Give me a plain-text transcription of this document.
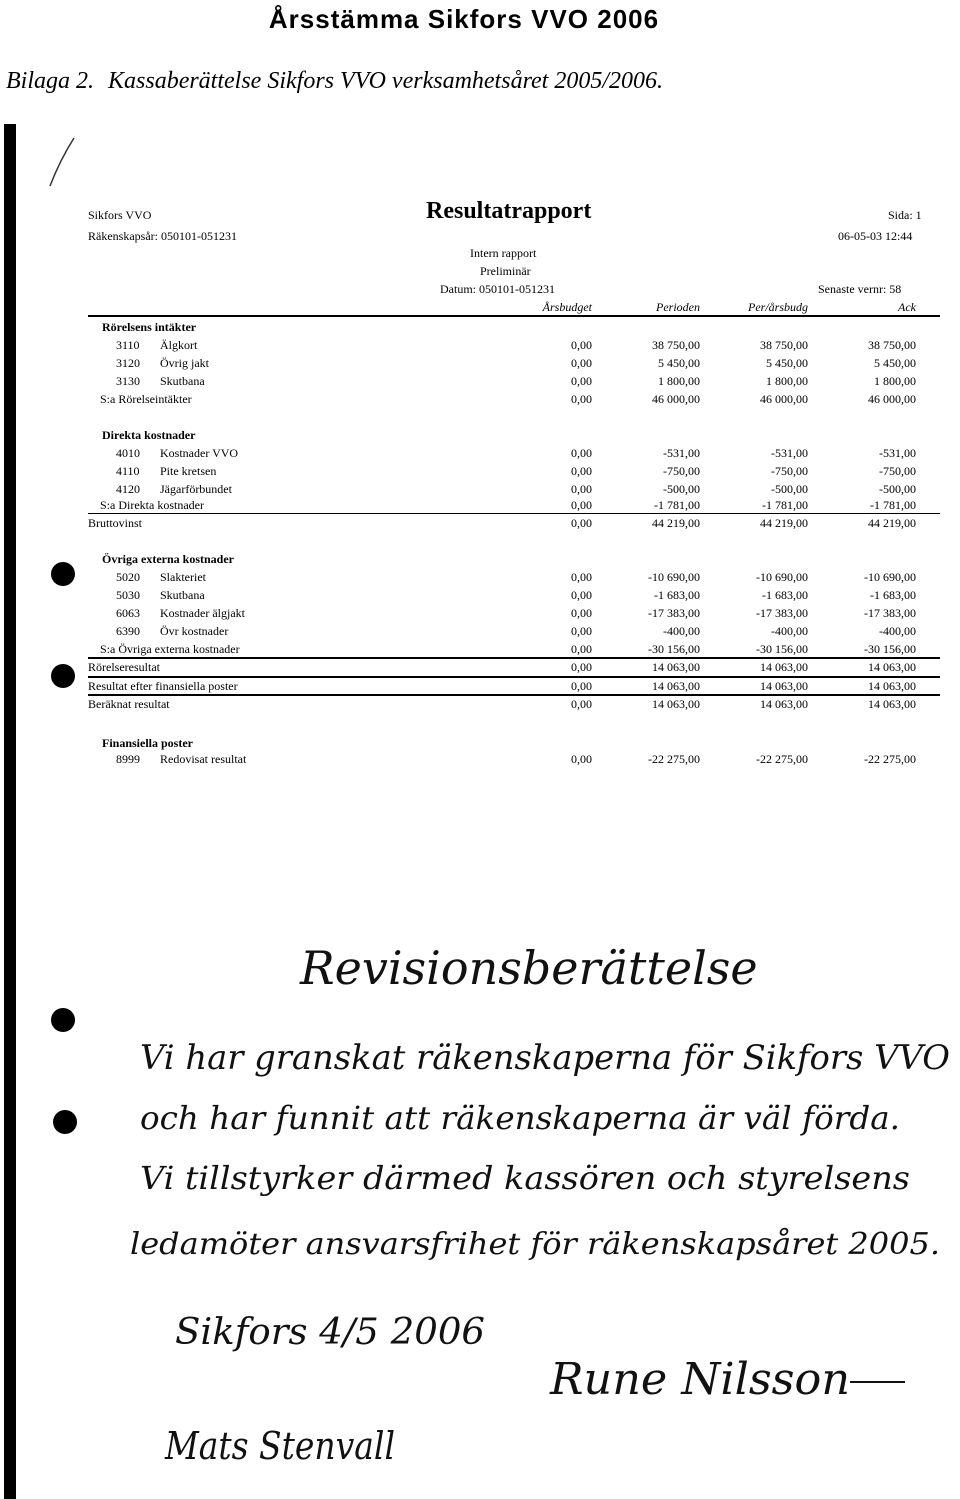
Årsstämma Sikfors VVO 2006
Bilaga 2. Kassaberättelse Sikfors VVO verksamhetsåret 2005/2006.
Sikfors VVO
Räkenskapsår: 050101-051231
Resultatrapport	Sida: 1
06-05-03 12:44
Intern rapport
Preliminär
Datum: 050101-051231	Senaste vernr: 58
Årsbudget	Perioden	Per/årsbudg	Ack
Rörelsens intäkter
3110 Älgkort	0,00	38 750,00	38 750,00	38 750,00
3120 Övrig jakt	0,00	5 450,00	5 450,00	5 450,00
3130 Skutbana	0,00	1 800,00	1 800,00	1 800,00
S:a Rörelseintäkter	0,00	46 000,00	46 000,00	46 000,00
Direkta kostnader
4010 Kostnader VVO	0,00	-531,00	-531,00	-531,00
4110 Pite kretsen	0,00	-750,00	-750,00	-750,00
4120 Jägarförbundet	0,00	-500,00	-500,00	-500,00
S:a Direkta kostnader	0,00	-1 781,00	-1 781,00	-1 781,00
Bruttovinst	0,00	44 219,00	44 219,00	44 219,00
Övriga externa kostnader
5020 Slakteriet	0,00	-10 690,00	-10 690,00	-10 690,00
5030 Skutbana	0,00	-1 683,00	-1 683,00	-1 683,00
6063 Kostnader älgjakt	0,00	-17 383,00	-17 383,00	-17 383,00
6390 Övr kostnader	0,00	-400,00	-400,00	-400,00
S:a Övriga externa kostnader	0,00	-30 156,00	-30 156,00	-30 156,00
Rörelseresultat	0,00	14 063,00	14 063,00	14 063,00
Resultat efter finansiella poster	0,00	14 063,00	14 063,00	14 063,00
Beräknat resultat	0,00	14 063,00	14 063,00	14 063,00
Finansiella poster
8999 Redovisat resultat	0,00	-22 275,00	-22 275,00	-22 275,00
Revisionsberättelse
Vi har granskat räkenskaperna för Sikfors VVO
och har funnit att räkenskaperna är väl förda.
Vi tillstyrker därmed kassören och styrelsens
ledamöter ansvarsfrihet för räkenskapsåret 2005.
Sikfors 4/5 2006
Rune Nilsson
Mats Stenvall
